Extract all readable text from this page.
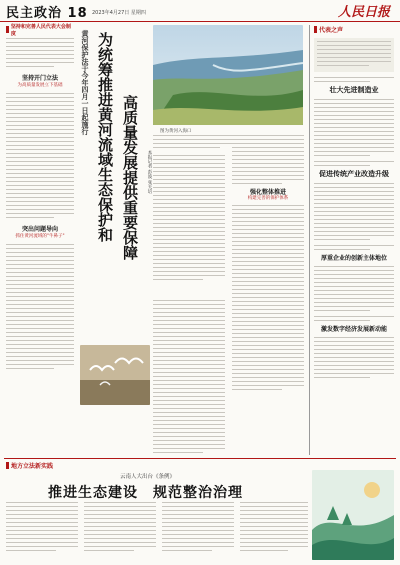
民主政治 18 2023年4月27日 星期四	人民日报
坚持和完善人民代表大会制度
坚持开门立法
为高质量发展立下基础
突出问题导向
抓住黄河流域的"牛鼻子"
黄河保护法于今年四月一日起施行 为统筹推进黄河流域生态保护和 高质量发展提供重要保障	本报记者 彭波 张天培
图为黄河入海口
强化整体推进
构建完善的保护体系
代表之声
壮大先进制造业
促进传统产业改造升级
厚重企业的创新主体地位
激发数字经济发展新动能
地方立法新实践
云南人大出台《条例》
推进生态建设　规范整治治理
